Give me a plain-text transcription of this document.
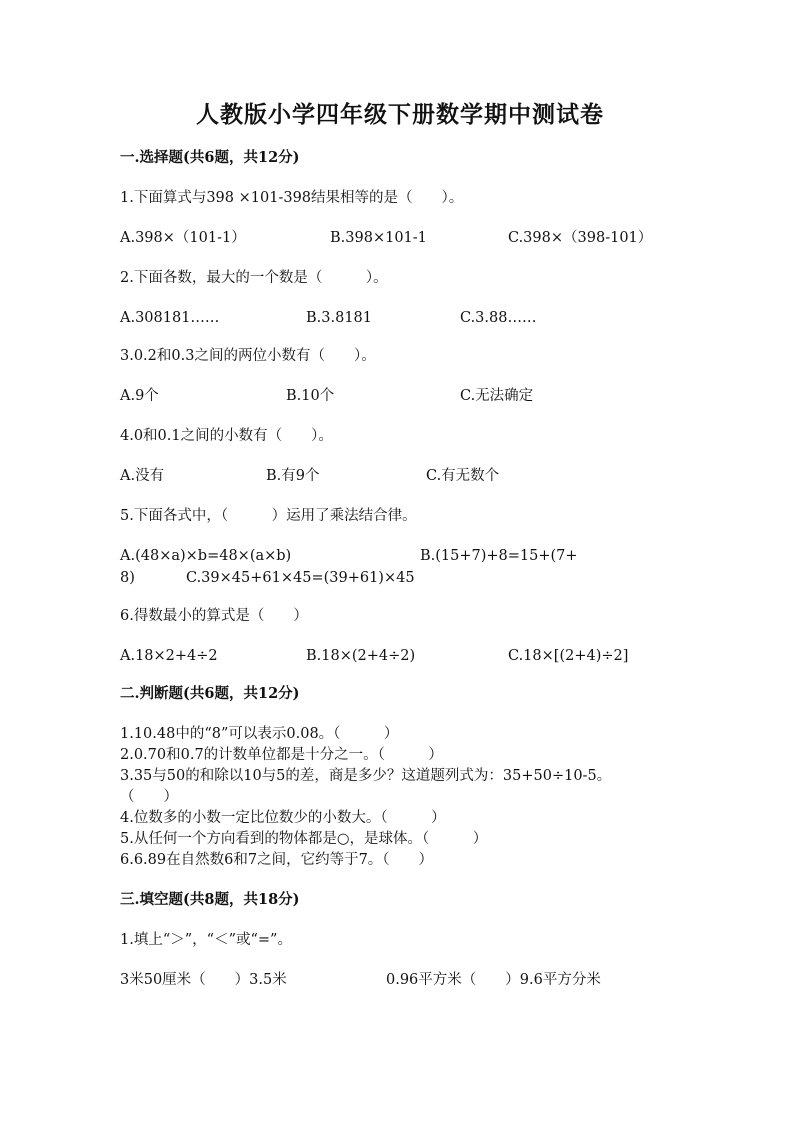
人教版小学四年级下册数学期中测试卷
一.选择题(共6题，共12分)
1.下面算式与398 ×101-398结果相等的是（　　）。
A.398×（101-1）	B.398×101-1	C.398×（398-101）
2.下面各数，最大的一个数是（　　　）。
A.308181……	B.3.8181	C.3.88……
3.0.2和0.3之间的两位小数有（　　）。
A.9个	B.10个	C.无法确定
4.0和0.1之间的小数有（　　）。
A.没有	B.有9个	C.有无数个
5.下面各式中，（　　　）运用了乘法结合律。
A.(48×a)×b=48×(a×b)	B.(15+7)+8=15+(7+
8)	C.39×45+61×45=(39+61)×45
6.得数最小的算式是（　　）
A.18×2+4÷2	B.18×(2+4÷2)	C.18×[(2+4)÷2]
二.判断题(共6题，共12分)
1.10.48中的“8”可以表示0.08。（　　　）
2.0.70和0.7的计数单位都是十分之一。（　　　）
3.35与50的和除以10与5的差，商是多少？这道题列式为：35+50÷10-5。
（　　）
4.位数多的小数一定比位数少的小数大。（　　　）
5.从任何一个方向看到的物体都是○，是球体。（　　　）
6.6.89在自然数6和7之间，它约等于7。（　　）
三.填空题(共8题，共18分)
1.填上“＞”，“＜”或“=”。
3米50厘米（　　）3.5米	0.96平方米（　　）9.6平方分米
